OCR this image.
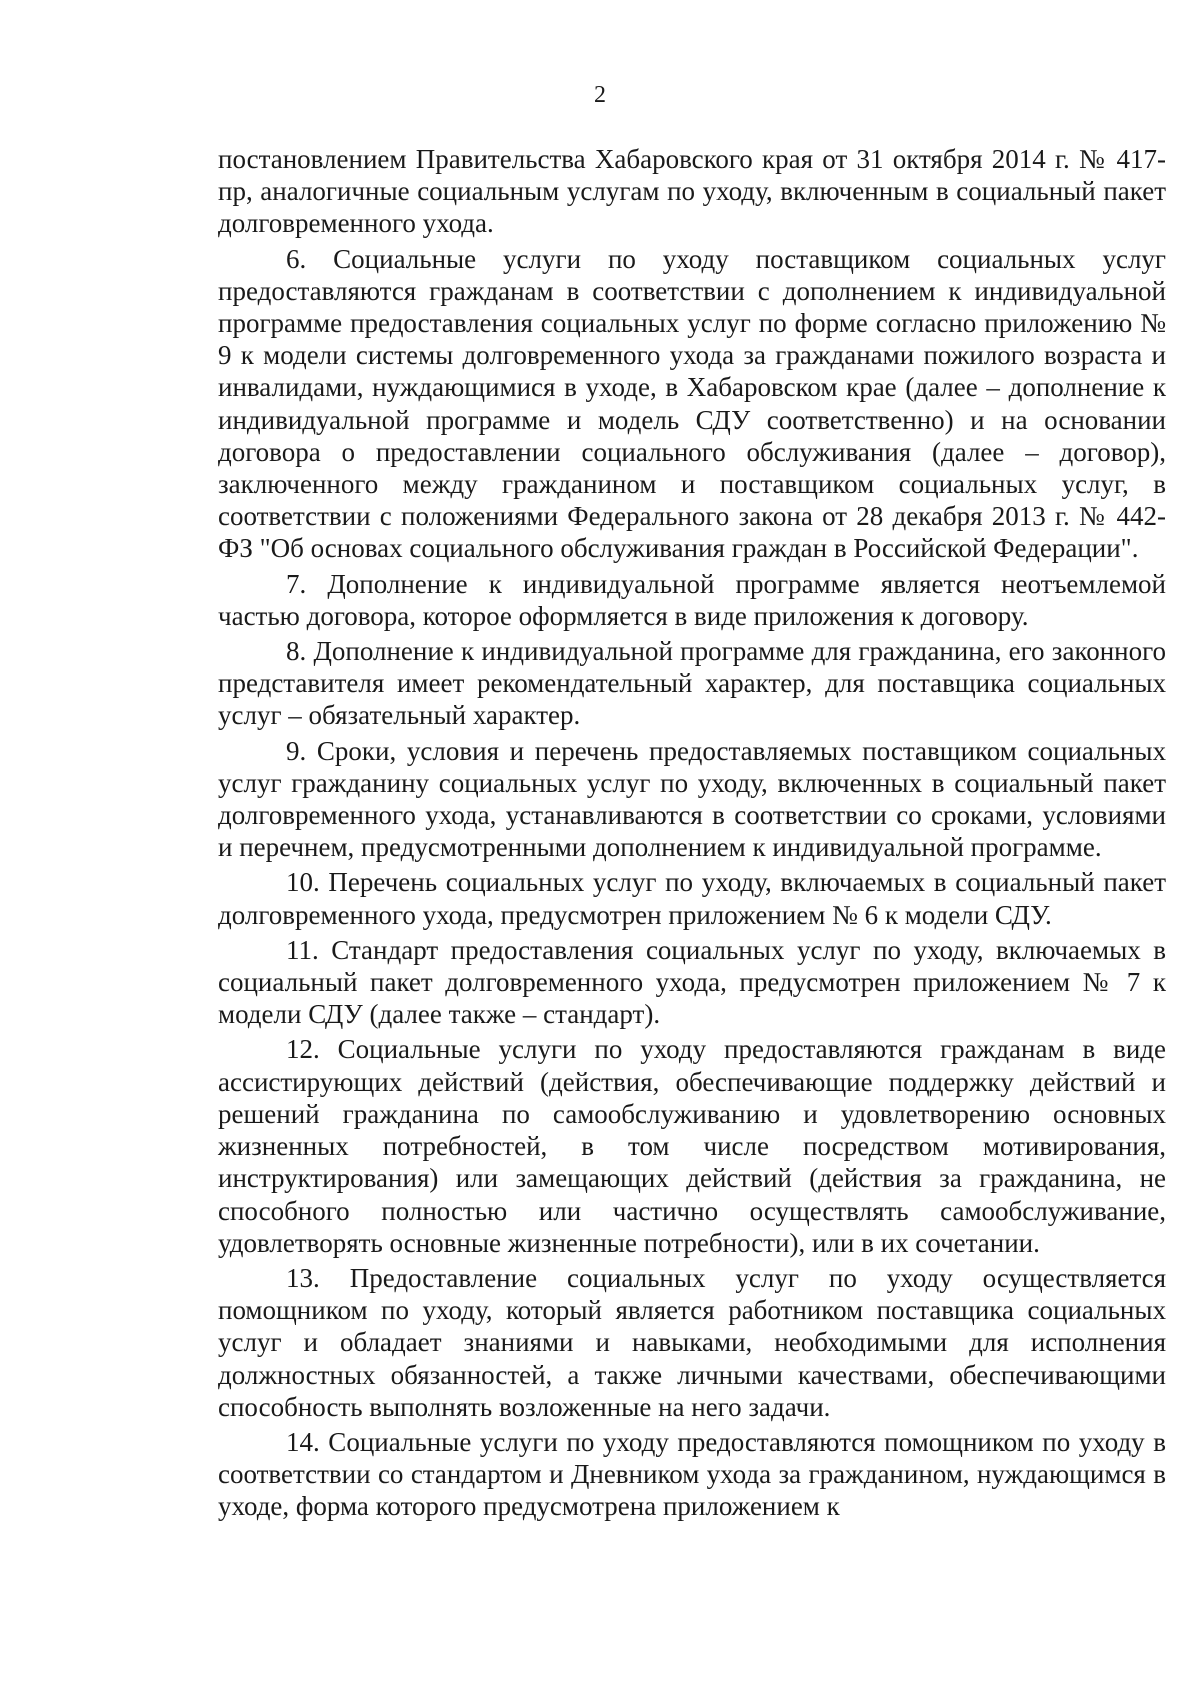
2

постановлением Правительства Хабаровского края от 31 октября 2014 г. № 417-пр, аналогичные социальным услугам по уходу, включенным в социальный пакет долговременного ухода.

6. Социальные услуги по уходу поставщиком социальных услуг предоставляются гражданам в соответствии с дополнением к индивидуальной программе предоставления социальных услуг по форме согласно приложению № 9 к модели системы долговременного ухода за гражданами пожилого возраста и инвалидами, нуждающимися в уходе, в Хабаровском крае (далее – дополнение к индивидуальной программе и модель СДУ соответственно) и на основании договора о предоставлении социального обслуживания (далее – договор), заключенного между гражданином и поставщиком социальных услуг, в соответствии с положениями Федерального закона от 28 декабря 2013 г. № 442-ФЗ "Об основах социального обслуживания граждан в Российской Федерации".

7. Дополнение к индивидуальной программе является неотъемлемой частью договора, которое оформляется в виде приложения к договору.

8. Дополнение к индивидуальной программе для гражданина, его законного представителя имеет рекомендательный характер, для поставщика социальных услуг – обязательный характер.

9. Сроки, условия и перечень предоставляемых поставщиком социальных услуг гражданину социальных услуг по уходу, включенных в социальный пакет долговременного ухода, устанавливаются в соответствии со сроками, условиями и перечнем, предусмотренными дополнением к индивидуальной программе.

10. Перечень социальных услуг по уходу, включаемых в социальный пакет долговременного ухода, предусмотрен приложением № 6 к модели СДУ.

11. Стандарт предоставления социальных услуг по уходу, включаемых в социальный пакет долговременного ухода, предусмотрен приложением № 7 к модели СДУ (далее также – стандарт).

12. Социальные услуги по уходу предоставляются гражданам в виде ассистирующих действий (действия, обеспечивающие поддержку действий и решений гражданина по самообслуживанию и удовлетворению основных жизненных потребностей, в том числе посредством мотивирования, инструктирования) или замещающих действий (действия за гражданина, не способного полностью или частично осуществлять самообслуживание, удовлетворять основные жизненные потребности), или в их сочетании.

13. Предоставление социальных услуг по уходу осуществляется помощником по уходу, который является работником поставщика социальных услуг и обладает знаниями и навыками, необходимыми для исполнения должностных обязанностей, а также личными качествами, обеспечивающими способность выполнять возложенные на него задачи.

14. Социальные услуги по уходу предоставляются помощником по уходу в соответствии со стандартом и Дневником ухода за гражданином, нуждающимся в уходе, форма которого предусмотрена приложением к
